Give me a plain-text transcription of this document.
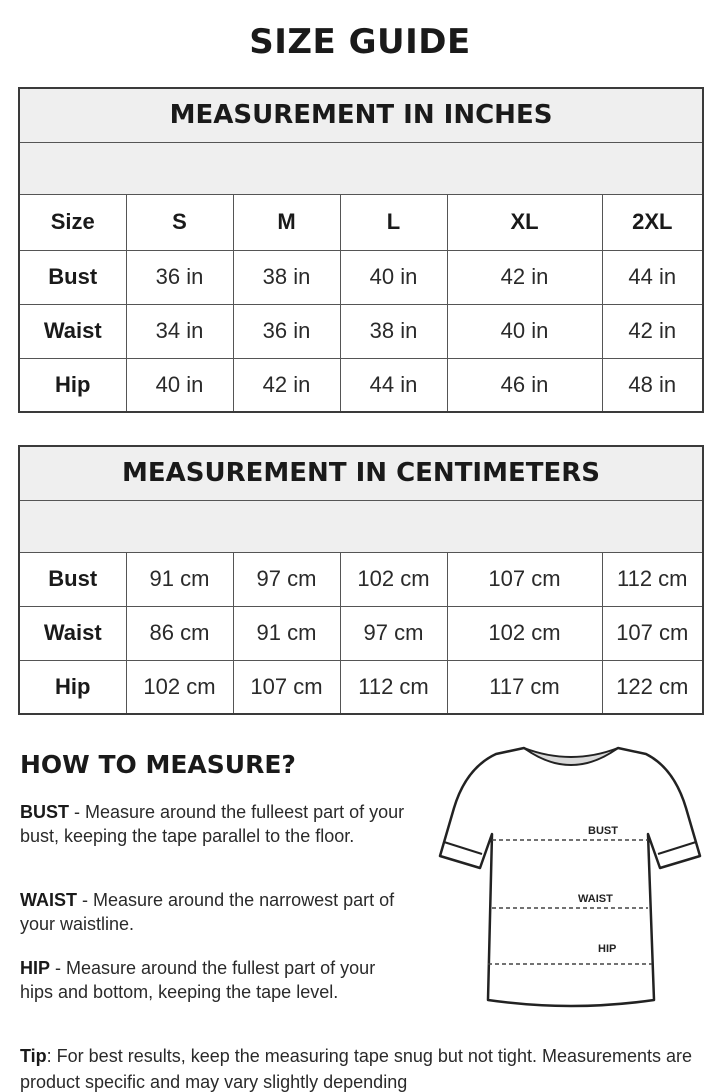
SIZE GUIDE
MEASUREMENT IN INCHES					

Size	S	M	L	XL	2XL
Bust	36 in	38 in	40 in	42 in	44 in
Waist	34 in	36 in	38 in	40 in	42 in
Hip	40 in	42 in	44 in	46 in	48 in
MEASUREMENT IN CENTIMETERS					

Bust	91 cm	97 cm	102 cm	107 cm	112 cm
Waist	86 cm	91 cm	97 cm	102 cm	107 cm
Hip	102 cm	107 cm	112 cm	117 cm	122 cm
HOW TO MEASURE?
BUST - Measure around the fulleest part of your bust, keeping the tape parallel to the floor.
WAIST - Measure around the narrowest part of your waistline.
HIP - Measure around the fullest part of your hips and bottom, keeping the tape level.
BUST
WAIST
HIP
Tip: For best results, keep the measuring tape snug but not tight. Measurements are product specific and may vary slightly depending
